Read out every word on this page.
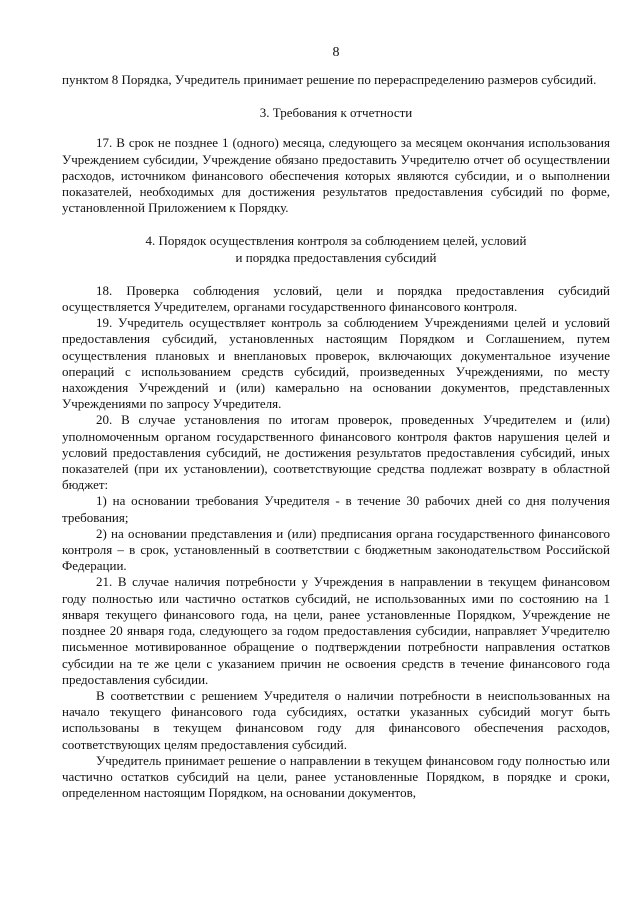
8

пунктом 8 Порядка, Учредитель принимает решение по перераспределению размеров субсидий.

3. Требования к отчетности

17. В срок не позднее 1 (одного) месяца, следующего за месяцем окончания использования Учреждением субсидии, Учреждение обязано предоставить Учредителю отчет об осуществлении расходов, источником финансового обеспечения которых являются субсидии, и о выполнении показателей, необходимых для достижения результатов предоставления субсидий по форме, установленной Приложением к Порядку.

4. Порядок осуществления контроля за соблюдением целей, условий
и порядка предоставления субсидий

18. Проверка соблюдения условий, цели и порядка предоставления субсидий осуществляется Учредителем, органами государственного финансового контроля.

19. Учредитель осуществляет контроль за соблюдением Учреждениями целей и условий предоставления субсидий, установленных настоящим Порядком и Соглашением, путем осуществления плановых и внеплановых проверок, включающих документальное изучение операций с использованием средств субсидий, произведенных Учреждениями, по месту нахождения Учреждений и (или) камерально на основании документов, представленных Учреждениями по запросу Учредителя.

20. В случае установления по итогам проверок, проведенных Учредителем и (или) уполномоченным органом государственного финансового контроля фактов нарушения целей и условий предоставления субсидий, не достижения результатов предоставления субсидий, иных показателей (при их установлении), соответствующие средства подлежат возврату в областной бюджет:

1) на основании требования Учредителя - в течение 30 рабочих дней со дня получения требования;

2) на основании представления и (или) предписания органа государственного финансового контроля – в срок, установленный в соответствии с бюджетным законодательством Российской Федерации.

21. В случае наличия потребности у Учреждения в направлении в текущем финансовом году полностью или частично остатков субсидий, не использованных ими по состоянию на 1 января текущего финансового года, на цели, ранее установленные Порядком, Учреждение не позднее 20 января года, следующего за годом предоставления субсидии, направляет Учредителю письменное мотивированное обращение о подтверждении потребности направления остатков субсидии на те же цели с указанием причин не освоения средств в течение финансового года предоставления субсидии.

В соответствии с решением Учредителя о наличии потребности в неиспользованных на начало текущего финансового года субсидиях, остатки указанных субсидий могут быть использованы в текущем финансовом году для финансового обеспечения расходов, соответствующих целям предоставления субсидий.

Учредитель принимает решение о направлении в текущем финансовом году полностью или частично остатков субсидий на цели, ранее установленные Порядком, в порядке и сроки, определенном настоящим Порядком, на основании документов,
